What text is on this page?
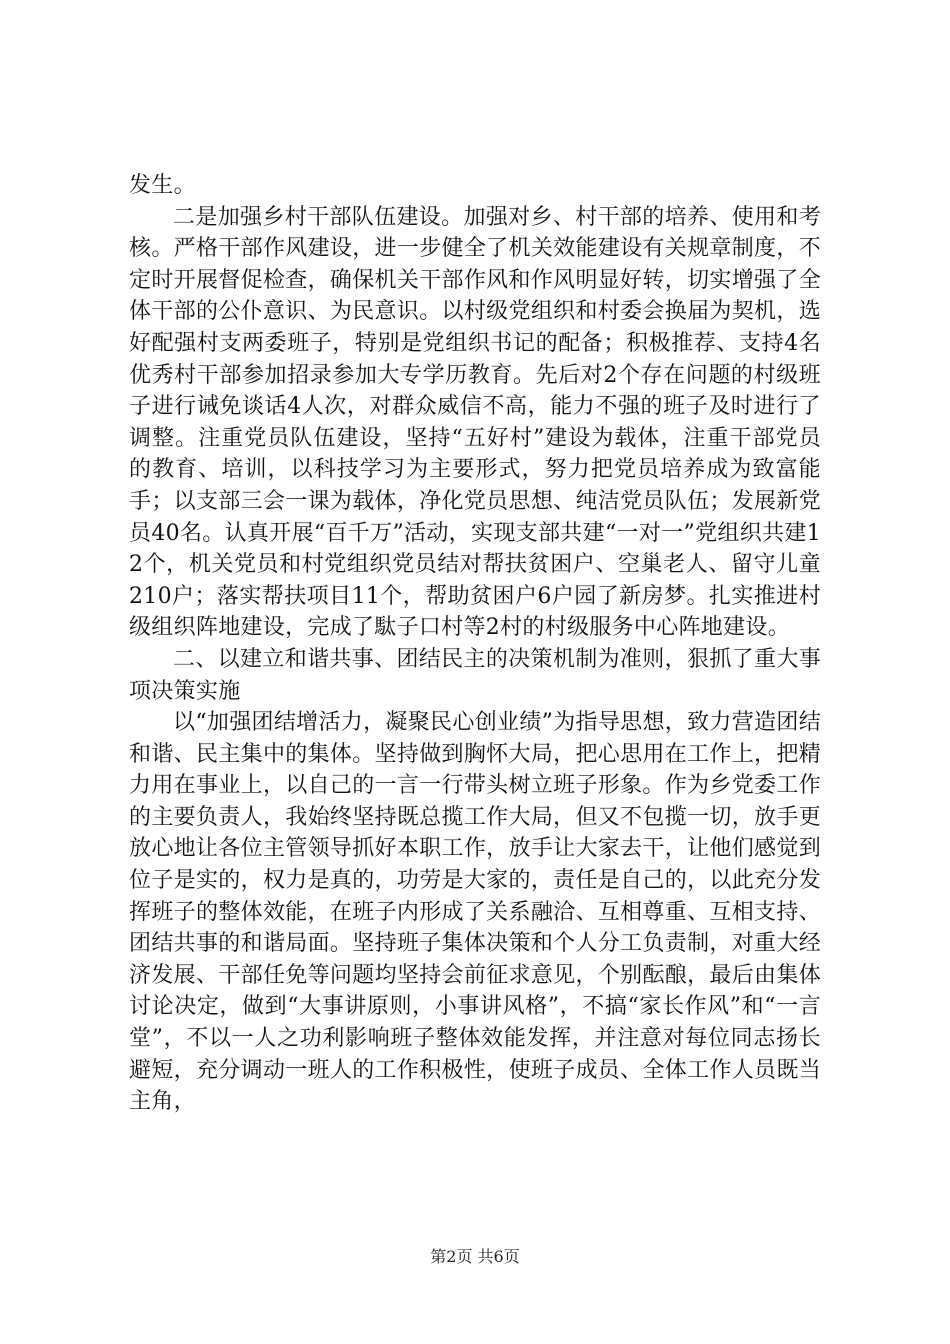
发生。

二是加强乡村干部队伍建设。加强对乡、村干部的培养、使用和考核。严格干部作风建设，进一步健全了机关效能建设有关规章制度，不定时开展督促检查，确保机关干部作风和作风明显好转，切实增强了全体干部的公仆意识、为民意识。以村级党组织和村委会换届为契机，选好配强村支两委班子，特别是党组织书记的配备；积极推荐、支持4名优秀村干部参加招录参加大专学历教育。先后对2个存在问题的村级班子进行诫免谈话4人次，对群众威信不高，能力不强的班子及时进行了调整。注重党员队伍建设，坚持“五好村”建设为载体，注重干部党员的教育、培训，以科技学习为主要形式，努力把党员培养成为致富能手；以支部三会一课为载体，净化党员思想、纯洁党员队伍；发展新党员40名。认真开展“百千万”活动，实现支部共建“一对一”党组织共建12个，机关党员和村党组织党员结对帮扶贫困户、空巢老人、留守儿童210户；落实帮扶项目11个，帮助贫困户6户园了新房梦。扎实推进村级组织阵地建设，完成了駄子口村等2村的村级服务中心阵地建设。

二、以建立和谐共事、团结民主的决策机制为准则，狠抓了重大事项决策实施

以“加强团结增活力，凝聚民心创业绩”为指导思想，致力营造团结和谐、民主集中的集体。坚持做到胸怀大局，把心思用在工作上，把精力用在事业上，以自己的一言一行带头树立班子形象。作为乡党委工作的主要负责人，我始终坚持既总揽工作大局，但又不包揽一切，放手更放心地让各位主管领导抓好本职工作，放手让大家去干，让他们感觉到位子是实的，权力是真的，功劳是大家的，责任是自己的，以此充分发挥班子的整体效能，在班子内形成了关系融洽、互相尊重、互相支持、团结共事的和谐局面。坚持班子集体决策和个人分工负责制，对重大经济发展、干部任免等问题均坚持会前征求意见，个别酝酿，最后由集体讨论决定，做到“大事讲原则，小事讲风格”，不搞“家长作风”和“一言堂”，不以一人之功利影响班子整体效能发挥，并注意对每位同志扬长避短，充分调动一班人的工作积极性，使班子成员、全体工作人员既当主角，

第2页 共6页
